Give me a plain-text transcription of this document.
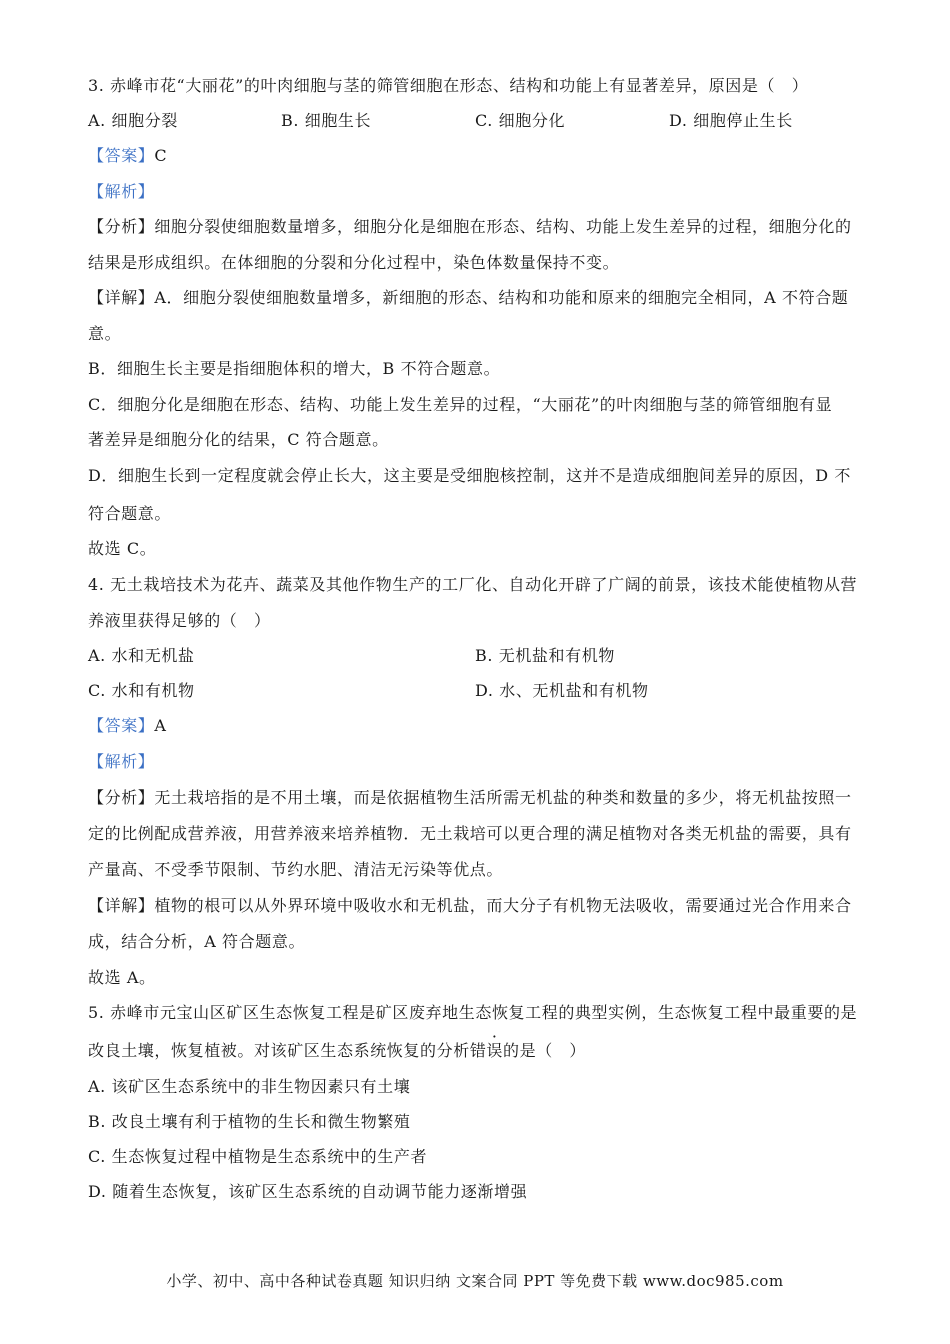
3. 赤峰市花“大丽花”的叶肉细胞与茎的筛管细胞在形态、结构和功能上有显著差异，原因是（　）
A. 细胞分裂	B. 细胞生长	C. 细胞分化	D. 细胞停止生长
【答案】C
【解析】
【分析】细胞分裂使细胞数量增多，细胞分化是细胞在形态、结构、功能上发生差异的过程，细胞分化的
结果是形成组织。在体细胞的分裂和分化过程中，染色体数量保持不变。
【详解】A．细胞分裂使细胞数量增多，新细胞的形态、结构和功能和原来的细胞完全相同，A 不符合题
意。
B．细胞生长主要是指细胞体积的增大，B 不符合题意。
C．细胞分化是细胞在形态、结构、功能上发生差异的过程，“大丽花”的叶肉细胞与茎的筛管细胞有显
著差异是细胞分化的结果，C 符合题意。
D．细胞生长到一定程度就会停止长大，这主要是受细胞核控制，这并不是造成细胞间差异的原因，D 不
符合题意。
故选 C。
4. 无土栽培技术为花卉、蔬菜及其他作物生产的工厂化、自动化开辟了广阔的前景，该技术能使植物从营
养液里获得足够的（　）
A. 水和无机盐	B. 无机盐和有机物
C. 水和有机物	D. 水、无机盐和有机物
【答案】A
【解析】
【分析】无土栽培指的是不用土壤，而是依据植物生活所需无机盐的种类和数量的多少，将无机盐按照一
定的比例配成营养液，用营养液来培养植物．无土栽培可以更合理的满足植物对各类无机盐的需要，具有
产量高、不受季节限制、节约水肥、清洁无污染等优点。
【详解】植物的根可以从外界环境中吸收水和无机盐，而大分子有机物无法吸收，需要通过光合作用来合
成，结合分析，A 符合题意。
故选 A。
5. 赤峰市元宝山区矿区生态恢复工程是矿区废弃地生态恢复工程的典型实例，生态恢复工程中最重要的是
改良土壤，恢复植被。对该矿区生态系统恢复的分析错误的是（　）
A. 该矿区生态系统中的非生物因素只有土壤
B. 改良土壤有利于植物的生长和微生物繁殖
C. 生态恢复过程中植物是生态系统中的生产者
D. 随着生态恢复，该矿区生态系统的自动调节能力逐渐增强
小学、初中、高中各种试卷真题 知识归纳 文案合同 PPT 等免费下载 www.doc985.com
